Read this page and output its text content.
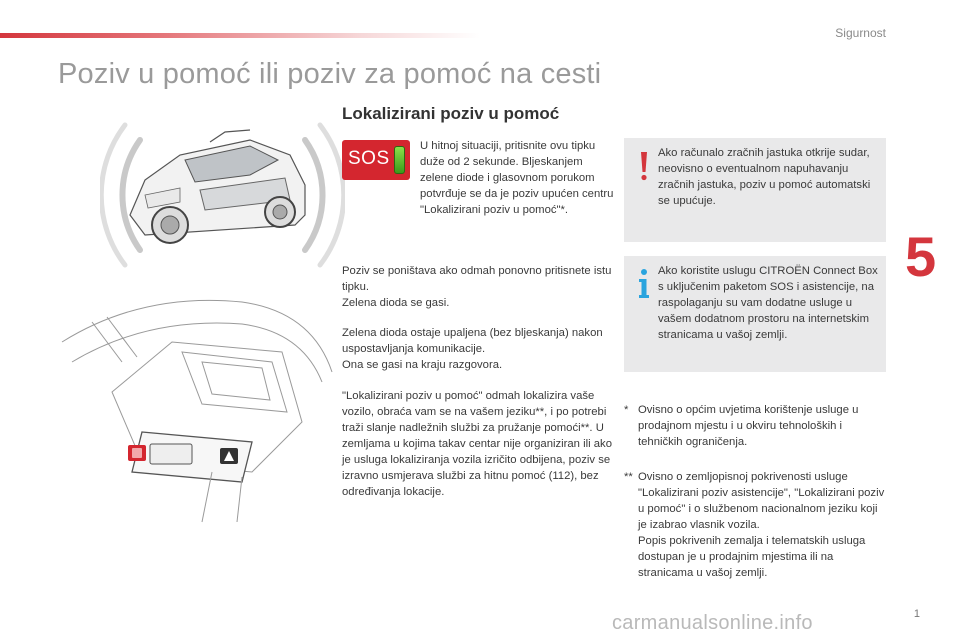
Sigurnost
Poziv u pomoć ili poziv za pomoć na cesti
Lokalizirani poziv u pomoć
SOS
U hitnoj situaciji, pritisnite ovu tipku duže od 2 sekunde. Bljeskanjem zelene diode i glasovnom porukom potvrđuje se da je poziv upućen centru "Lokalizirani poziv u pomoć"*.
Poziv se poništava ako odmah ponovno pritisnete istu tipku.
Zelena dioda se gasi.
Zelena dioda ostaje upaljena (bez bljeskanja) nakon uspostavljanja komunikacije.
Ona se gasi na kraju razgovora.
"Lokalizirani poziv u pomoć" odmah lokalizira vaše vozilo, obraća vam se na vašem jeziku**, i po potrebi traži slanje nadležnih službi za pružanje pomoći**. U zemljama u kojima takav centar nije organiziran ili ako je usluga lokaliziranja vozila izričito odbijena, poziv se izravno usmjerava službi za hitnu pomoć (112), bez određivanja lokacije.
Ako računalo zračnih jastuka otkrije sudar, neovisno o eventualnom napuhavanju zračnih jastuka, poziv u pomoć automatski se upućuje.
Ako koristite uslugu CITROËN Connect Box s uključenim paketom SOS i asistencije, na raspolaganju su vam dodatne usluge u vašem dodatnom prostoru na internetskim stranicama u vašoj zemlji.
* Ovisno o općim uvjetima korištenje usluge u prodajnom mjestu i u okviru tehnoloških i tehničkih ograničenja.
** Ovisno o zemljopisnoj pokrivenosti usluge "Lokalizirani poziv asistencije", "Lokalizirani poziv u pomoć" i o službenom nacionalnom jeziku koji je izabrao vlasnik vozila.
Popis pokrivenih zemalja i telematskih usluga dostupan je u prodajnim mjestima ili na stranicama u vašoj zemlji.
5
carmanualsonline.info	1
